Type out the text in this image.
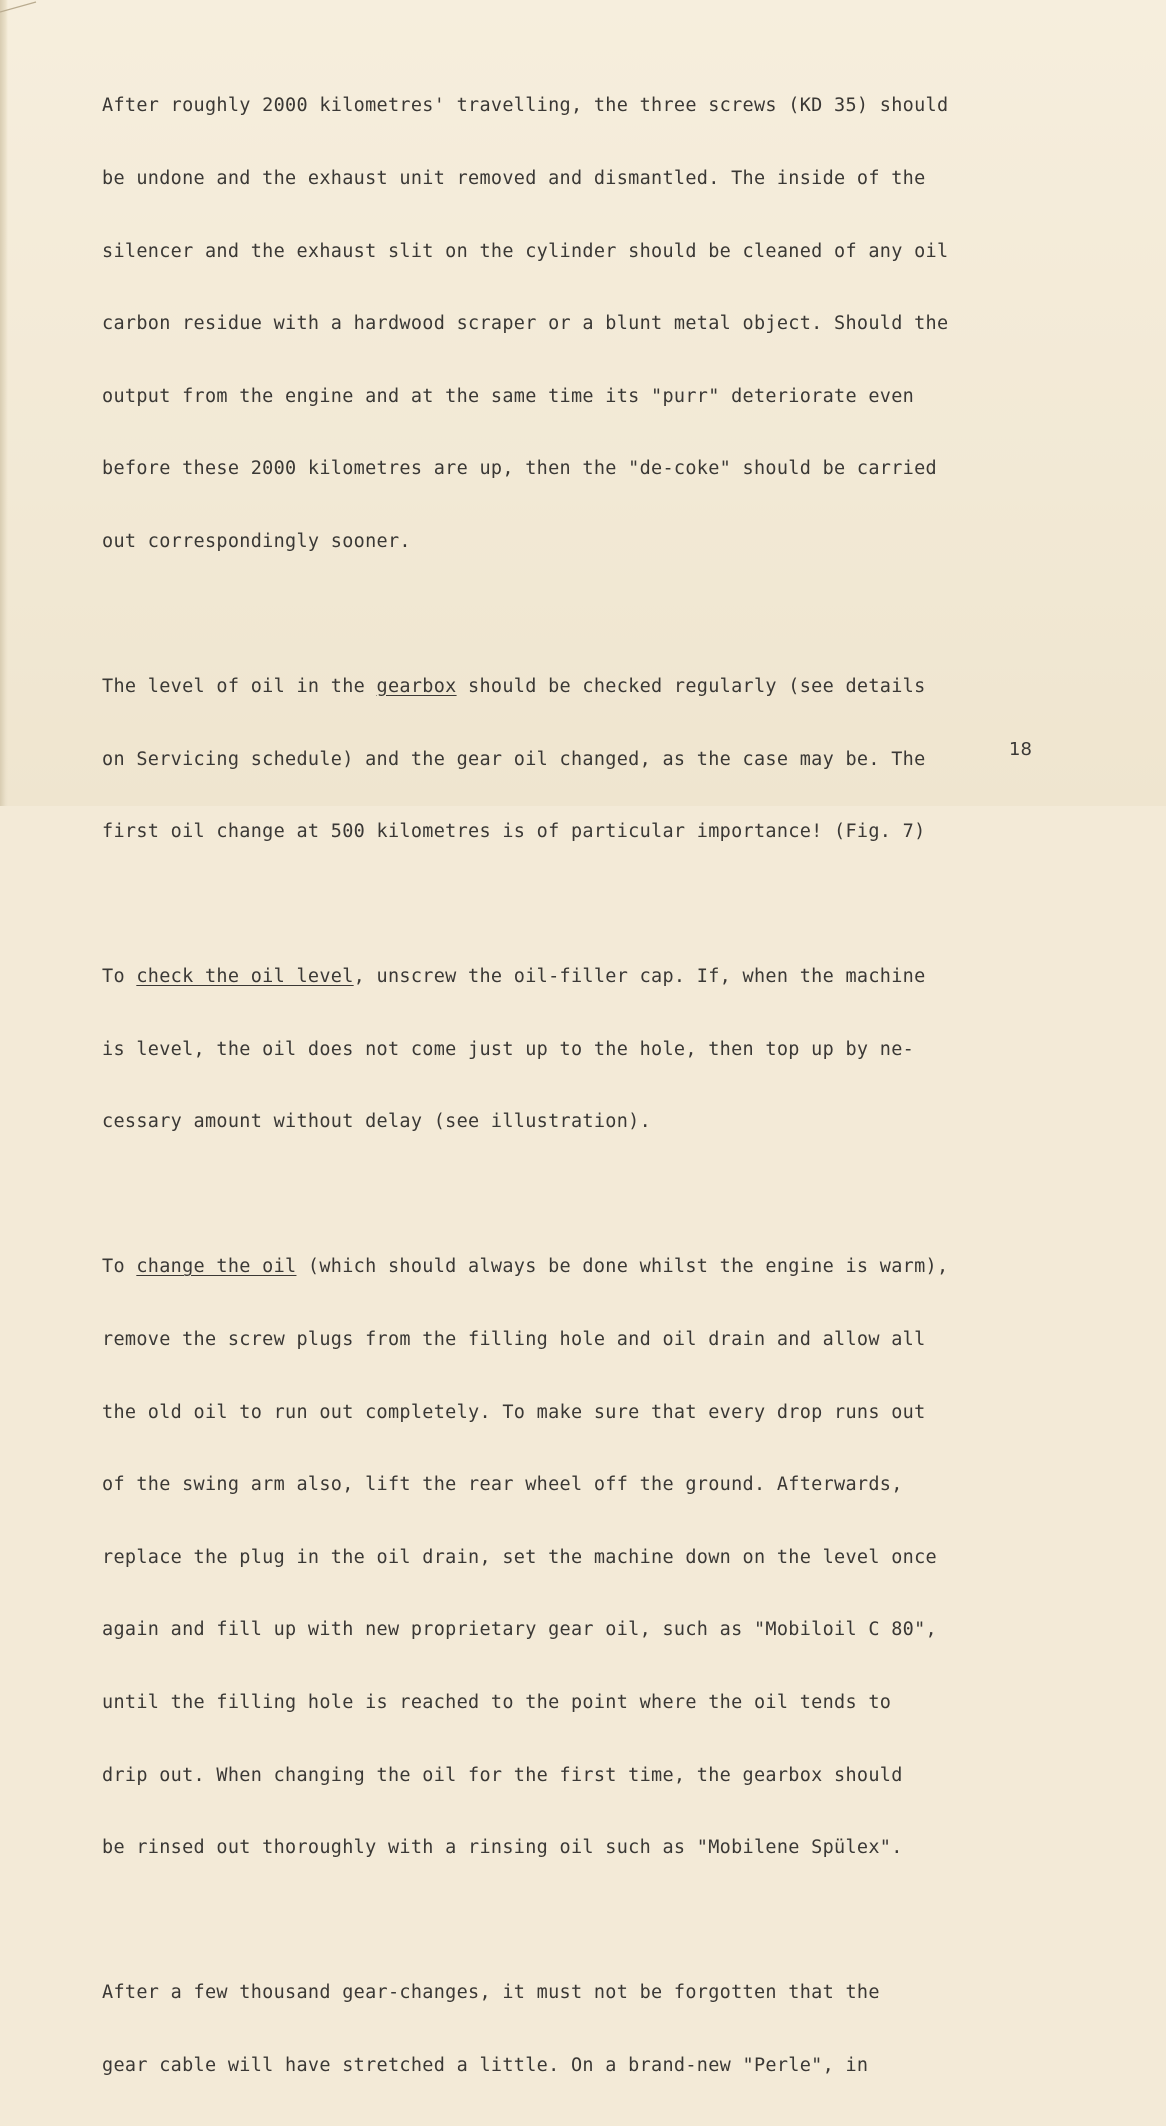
After roughly 2000 kilometres' travelling, the three screws (KD 35) should

be undone and the exhaust unit removed and dismantled. The inside of the

silencer and the exhaust slit on the cylinder should be cleaned of any oil

carbon residue with a hardwood scraper or a blunt metal object. Should the

output from the engine and at the same time its "purr" deteriorate even

before these 2000 kilometres are up, then the "de-coke" should be carried

out correspondingly sooner.

The level of oil in the gearbox should be checked regularly (see details

on Servicing schedule) and the gear oil changed, as the case may be. The

first oil change at 500 kilometres is of particular importance! (Fig. 7)

To check the oil level, unscrew the oil-filler cap. If, when the machine

is level, the oil does not come just up to the hole, then top up by ne-

cessary amount without delay (see illustration).

To change the oil (which should always be done whilst the engine is warm),

remove the screw plugs from the filling hole and oil drain and allow all

the old oil to run out completely. To make sure that every drop runs out

of the swing arm also, lift the rear wheel off the ground. Afterwards,

replace the plug in the oil drain, set the machine down on the level once

again and fill up with new proprietary gear oil, such as "Mobiloil C 80",

until the filling hole is reached to the point where the oil tends to

drip out. When changing the oil for the first time, the gearbox should

be rinsed out thoroughly with a rinsing oil such as "Mobilene Spülex".

After a few thousand gear-changes, it must not be forgotten that the

gear cable will have stretched a little. On a brand-new "Perle", in

18
